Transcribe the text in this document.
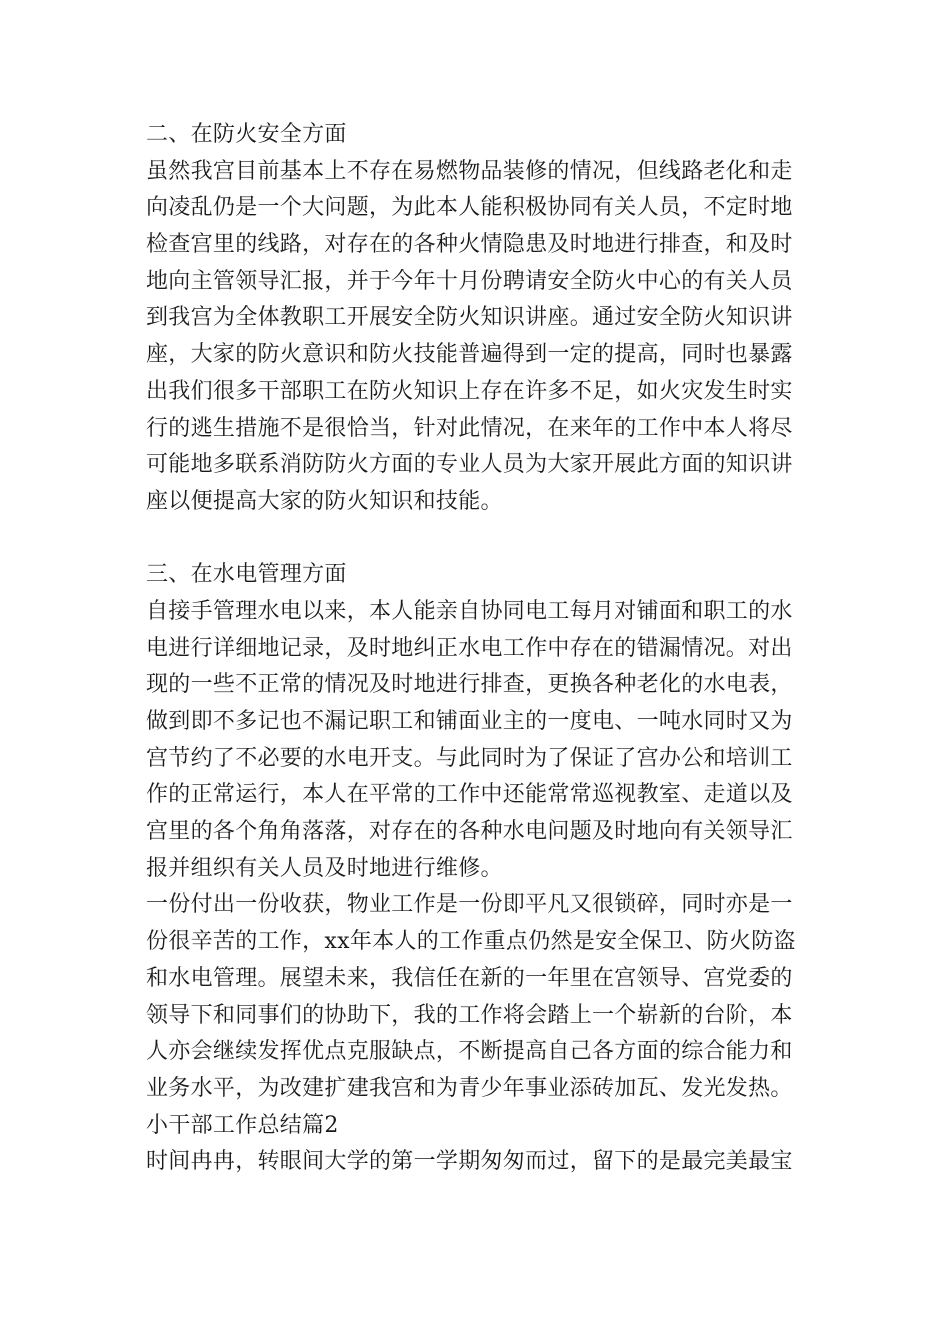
二、在防火安全方面
虽然我宫目前基本上不存在易燃物品装修的情况，但线路老化和走
向凌乱仍是一个大问题，为此本人能积极协同有关人员，不定时地
检查宫里的线路，对存在的各种火情隐患及时地进行排查，和及时
地向主管领导汇报，并于今年十月份聘请安全防火中心的有关人员
到我宫为全体教职工开展安全防火知识讲座。通过安全防火知识讲
座，大家的防火意识和防火技能普遍得到一定的提高，同时也暴露
出我们很多干部职工在防火知识上存在许多不足，如火灾发生时实
行的逃生措施不是很恰当，针对此情况，在来年的工作中本人将尽
可能地多联系消防防火方面的专业人员为大家开展此方面的知识讲
座以便提高大家的防火知识和技能。
三、在水电管理方面
自接手管理水电以来，本人能亲自协同电工每月对铺面和职工的水
电进行详细地记录，及时地纠正水电工作中存在的错漏情况。对出
现的一些不正常的情况及时地进行排查，更换各种老化的水电表，
做到即不多记也不漏记职工和铺面业主的一度电、一吨水同时又为
宫节约了不必要的水电开支。与此同时为了保证了宫办公和培训工
作的正常运行，本人在平常的工作中还能常常巡视教室、走道以及
宫里的各个角角落落，对存在的各种水电问题及时地向有关领导汇
报并组织有关人员及时地进行维修。
一份付出一份收获，物业工作是一份即平凡又很锁碎，同时亦是一
份很辛苦的工作，xx年本人的工作重点仍然是安全保卫、防火防盗
和水电管理。展望未来，我信任在新的一年里在宫领导、宫党委的
领导下和同事们的协助下，我的工作将会踏上一个崭新的台阶，本
人亦会继续发挥优点克服缺点，不断提高自己各方面的综合能力和
业务水平，为改建扩建我宫和为青少年事业添砖加瓦、发光发热。
小干部工作总结篇2
时间冉冉，转眼间大学的第一学期匆匆而过，留下的是最完美最宝
